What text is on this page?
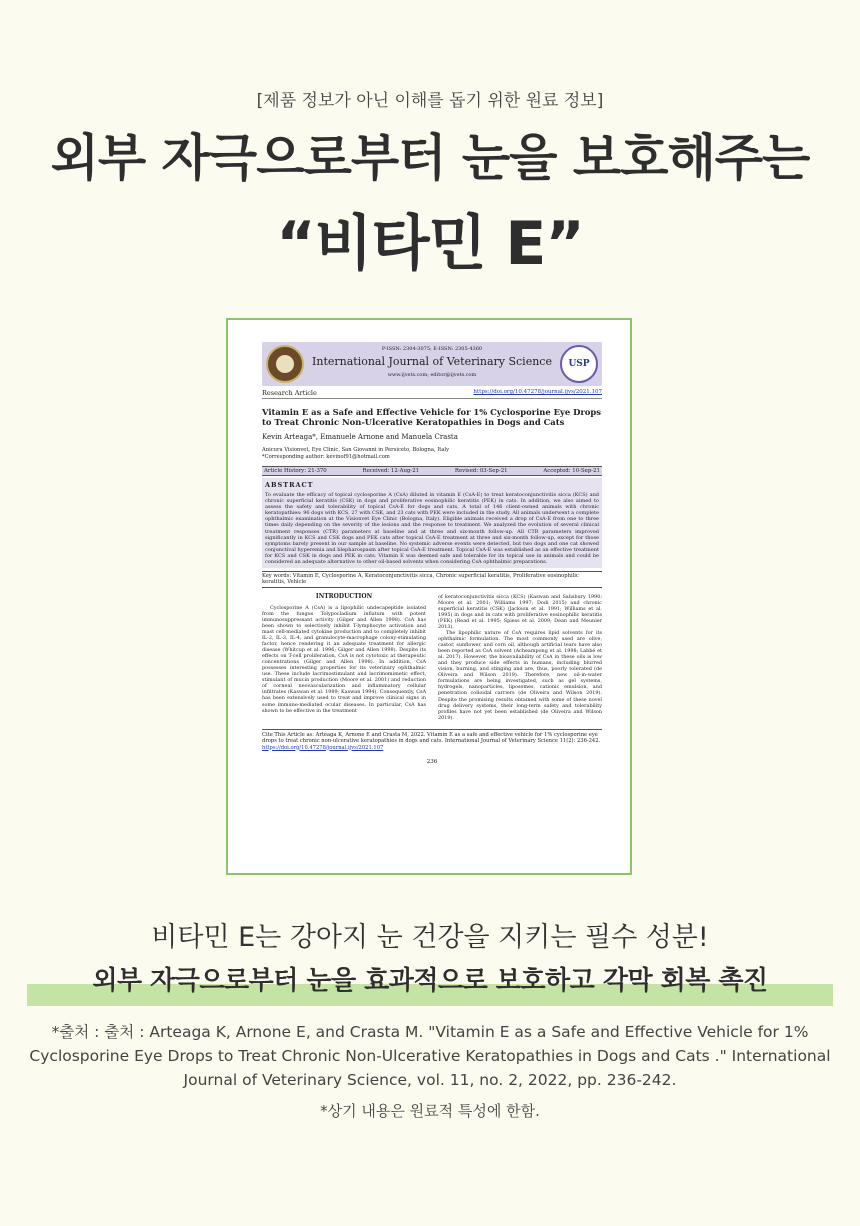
[제품 정보가 아닌 이해를 돕기 위한 원료 정보]
외부 자극으로부터 눈을 보호해주는
“비타민 E”
P-ISSN: 2304-3075; E-ISSN: 2305-4360
International Journal of Veterinary Science
www.ijvets.com; editor@ijvets.com
USP
Research Article	https://doi.org/10.47278/journal.ijvs/2021.107
Vitamin E as a Safe and Effective Vehicle for 1% Cyclosporine Eye Drops to Treat Chronic Non-Ulcerative Keratopathies in Dogs and Cats
Kevin Arteaga*, Emanuele Arnone and Manuela Crasta
Anicura Visionvet, Eye Clinic, San Giovanni in Persiceto, Bologna, Italy
*Corresponding author: kevinof91@hotmail.com
Article History: 21-370	Received: 12-Aug-21	Revised: 03-Sep-21	Accepted: 10-Sep-21
ABSTRACT
To evaluate the efficacy of topical cyclosporine A (CsA) diluted in vitamin E (CsA-E) to treat keratoconjunctivitis sicca (KCS) and chronic superficial keratitis (CSK) in dogs and proliferative eosinophilic keratitis (PEK) in cats. In addition, we also aimed to assess the safety and tolerability of topical CsA-E for dogs and cats. A total of 146 client-owned animals with chronic keratopathies: 96 dogs with KCS, 27 with CSK, and 23 cats with PEK were included in the study. All animals underwent a complete ophthalmic examination at the Visionvet Eye Clinic (Bologna, Italy). Eligible animals received a drop of CsA-E from one to three times daily depending on the severity of the lesions and the response to treatment. We analyzed the evolution of several clinical treatment responses (CTR) parameters at baseline and at three and six-month follow-up. All CTR parameters improved significantly in KCS and CSK dogs and PEK cats after topical CsA-E treatment at three and six-month follow-up, except for those symptoms barely present in our sample at baseline. No systemic adverse events were detected, but two dogs and one cat showed conjunctival hyperemia and blepharospasm after topical CsA-E treatment. Topical CsA-E was established as an effective treatment for KCS and CSK in dogs and PEK in cats. Vitamin E was deemed safe and tolerable for its topical use in animals and could be considered an adequate alternative to other oil-based solvents when considering CsA ophthalmic preparations.
Key words: Vitamin E, Cyclosporine A, Keratoconjunctivitis sicca, Chronic superficial keratitis, Proliferative eosinophilic keratitis, Vehicle
INTRODUCTION
Cyclosporine A (CsA) is a lipophilic undecapeptide isolated from the fungus Tolypocladium inflatum with potent immunosuppressant activity (Gilger and Allen 1998). CsA has been shown to selectively inhibit T-lymphocyte activation and mast cell-mediated cytokine production and to completely inhibit IL-2, IL-3, IL-4, and granulocyte-macrophage colony-stimulating factor, hence rendering it an adequate treatment for allergic disease (Whitcup et al. 1996; Gilger and Allen 1998). Despite its effects on T-cell proliferation, CsA is not cytotoxic at therapeutic concentrations (Gilger and Allen 1998). In addition, CsA possesses interesting properties for its veterinary ophthalmic use. These include lacrimostimulant and lacrimomimetic effect, stimulant of mucin production (Moore et al. 2001) and reduction of corneal neovascularization and inflammatory cellular infiltrates (Kaswan et al. 1989; Kaswan 1994). Consequently, CsA has been extensively used to treat and improve clinical signs in some immune-mediated ocular diseases. In particular, CsA has shown to be effective in the treatment
of keratoconjunctivitis sicca (KCS) (Kaswan and Salisbury 1990; Moore et al. 2001; Williams 1997; Dodi 2015) and chronic superficial keratitis (CSK) (Jackson et al. 1991; Williams et al. 1995) in dogs and in cats with proliferative eosinophilic keratitis (PEK) (Read et al. 1995; Spiess et al. 2009; Dean and Meunier 2013).
The lipophilic nature of CsA requires lipid solvents for its ophthalmic formulation. The most commonly used are olive, castor, sunflower, and corn oil, although artificial tears have also been reported as CsA solvent (Acheampong et al. 1998; Labbé et al. 2017). However, the bioavailability of CsA in these oils is low and they produce side effects in humans, including blurred vision, burning, and stinging and are, thus, poorly tolerated (de Oliveira and Wilson 2019). Therefore, new oil-in-water formulations are being investigated, such as gel systems, hydrogels, nanoparticles, liposomes, cationic emulsion, and penetration colloidal carriers (de Oliveira and Wilson 2019). Despite the promising results obtained with some of these novel drug delivery systems, their long-term safety and tolerability profiles have not yet been established (de Oliveira and Wilson 2019).
Cite This Article as: Arteaga K, Arnone E and Crasta M, 2022. Vitamin E as a safe and effective vehicle for 1% cyclosporine eye drops to treat chronic non-ulcerative keratopathies in dogs and cats. International Journal of Veterinary Science 11(2): 236-242. https://doi.org/10.47278/journal.ijvs/2021.107
236
비타민 E는 강아지 눈 건강을 지키는 필수 성분!
외부 자극으로부터 눈을 효과적으로 보호하고 각막 회복 촉진
*출처 : 출처 : Arteaga K, Arnone E, and Crasta M. "Vitamin E as a Safe and Effective Vehicle for 1% Cyclosporine Eye Drops to Treat Chronic Non-Ulcerative Keratopathies in Dogs and Cats ." International Journal of Veterinary Science, vol. 11, no. 2, 2022, pp. 236-242.
*상기 내용은 원료적 특성에 한함.
